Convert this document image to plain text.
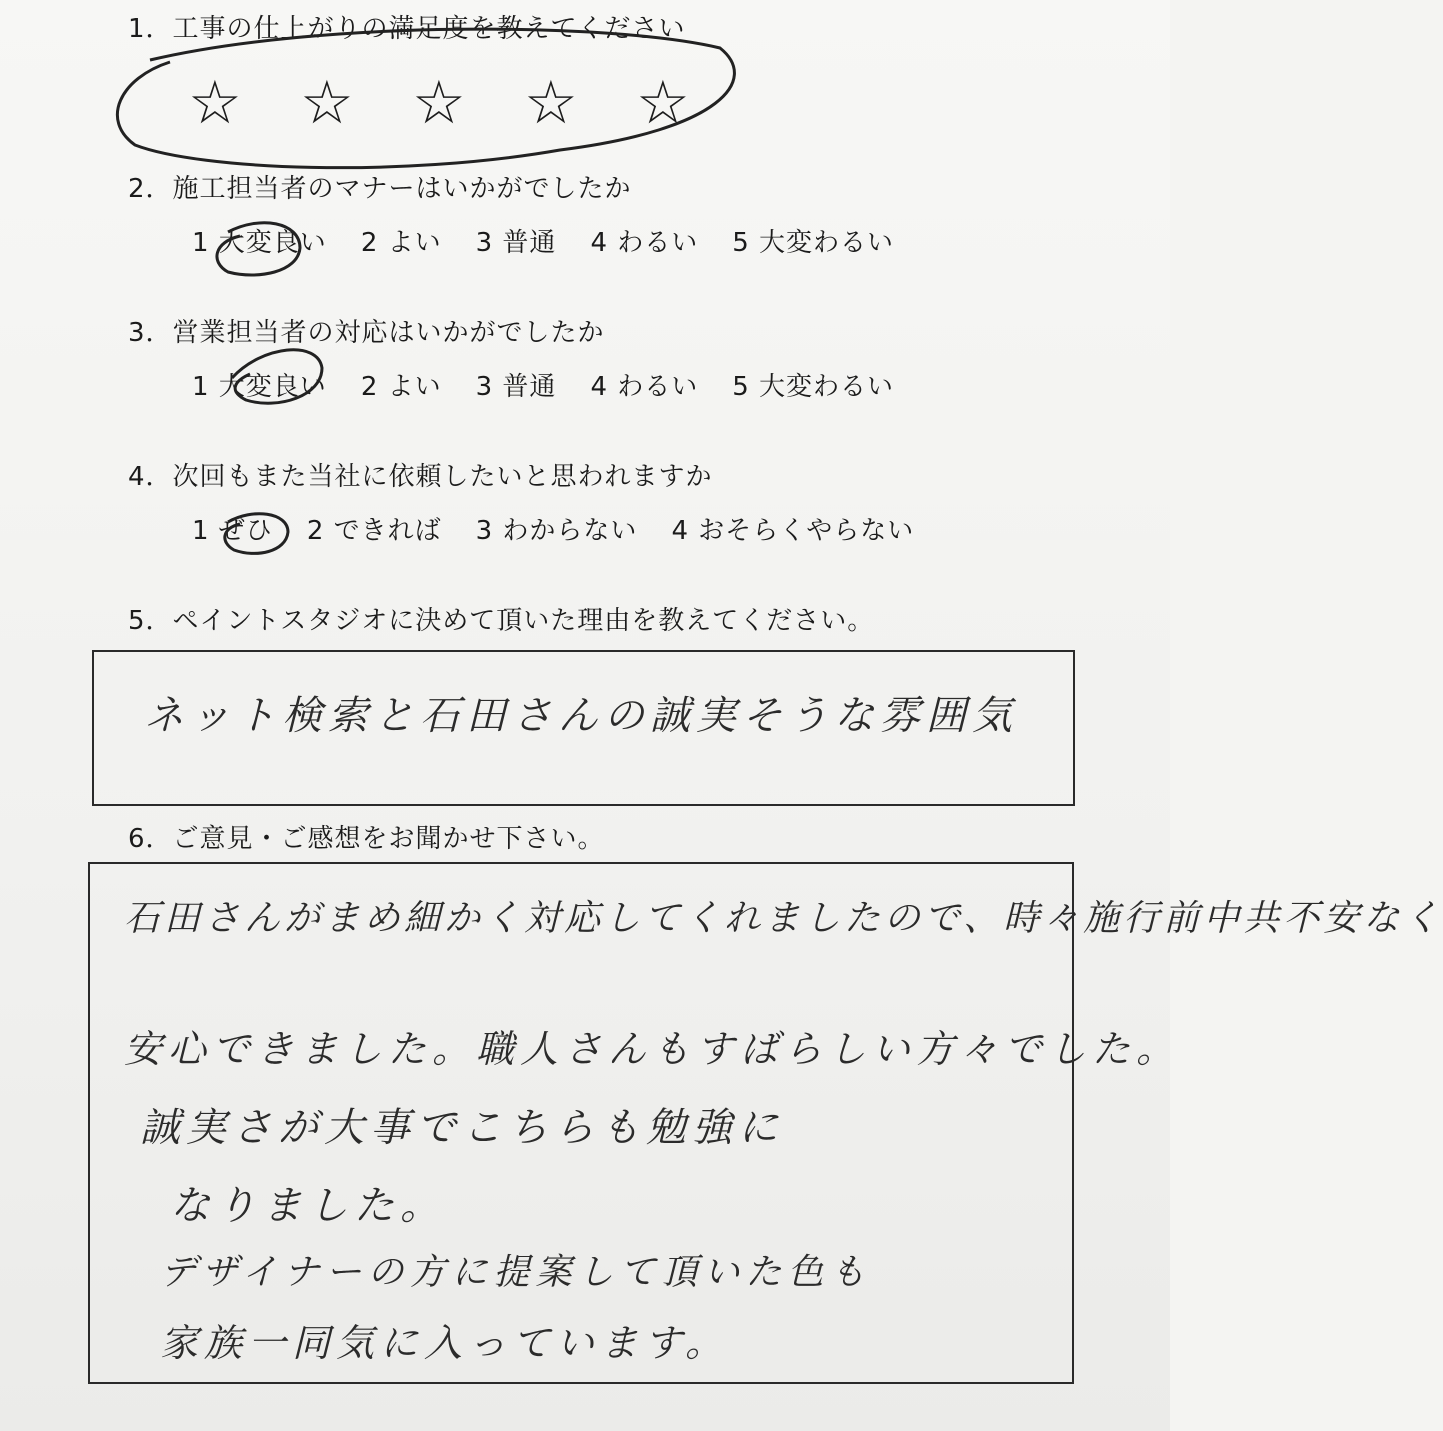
1．工事の仕上がりの満足度を教えてください
☆ ☆ ☆ ☆ ☆
2．施工担当者のマナーはいかがでしたか
1 大変良い 2 よい 3 普通 4 わるい 5 大変わるい
3．営業担当者の対応はいかがでしたか
1 大変良い 2 よい 3 普通 4 わるい 5 大変わるい
4．次回もまた当社に依頼したいと思われますか
1 ぜひ 2 できれば 3 わからない 4 おそらくやらない
5．ペイントスタジオに決めて頂いた理由を教えてください。
ネット検索と石田さんの誠実そうな雰囲気
6．ご意見・ご感想をお聞かせ下さい。
石田さんがまめ細かく対応してくれましたので、時々施行前中共不安なく
安心できました。職人さんもすばらしい方々でした。
誠実さが大事でこちらも勉強に
なりました。
デザイナーの方に提案して頂いた色も
家族一同気に入っています。
